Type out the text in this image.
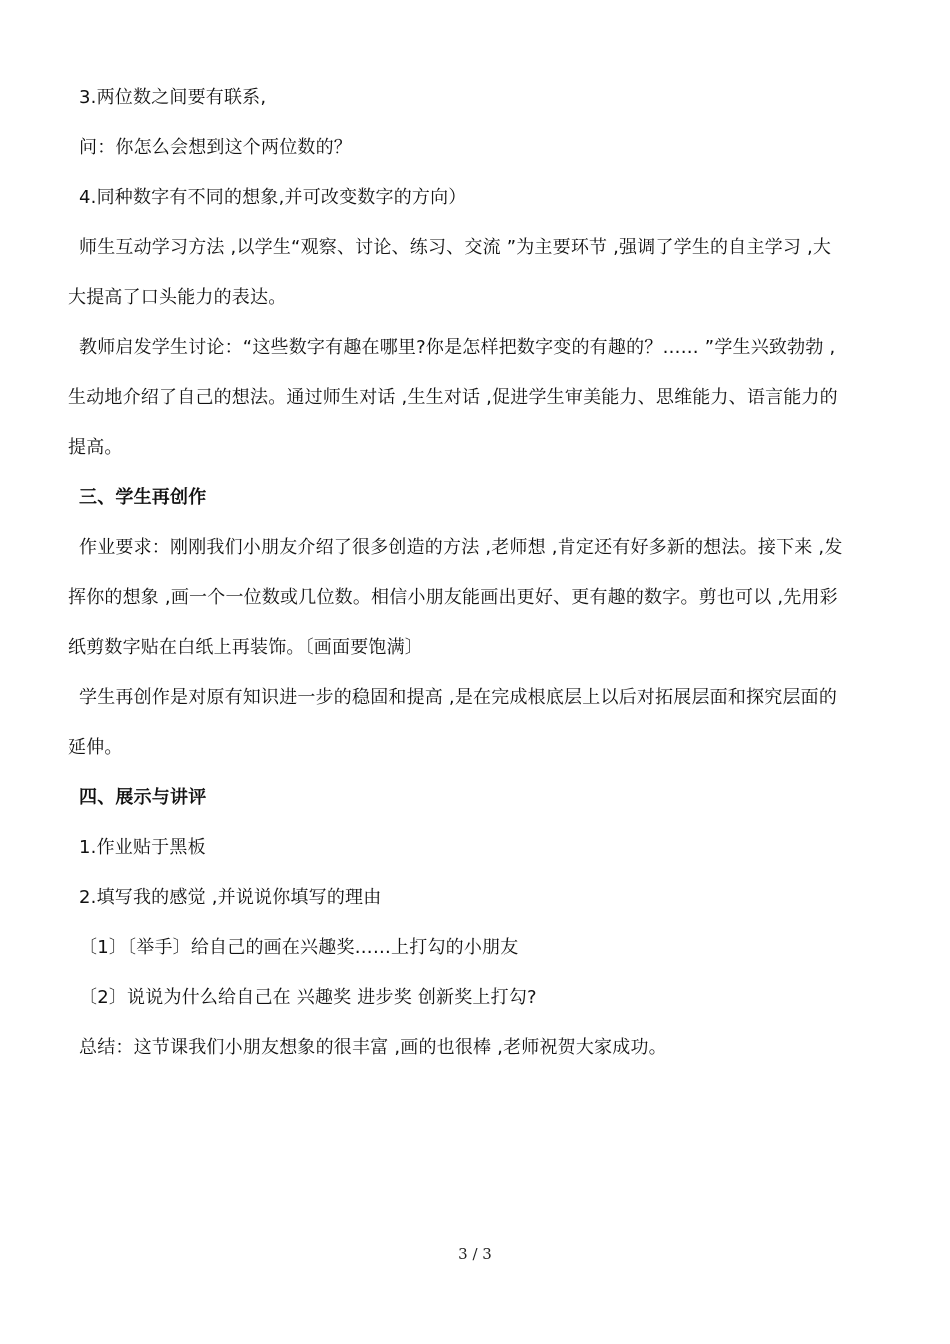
3.两位数之间要有联系,
问：你怎么会想到这个两位数的？
4.同种数字有不同的想象,并可改变数字的方向）
师生互动学习方法 ,以学生“观察、讨论、练习、交流 ”为主要环节 ,强调了学生的自主学习 ,大
大提高了口头能力的表达。
教师启发学生讨论：“这些数字有趣在哪里?你是怎样把数字变的有趣的？…… ”学生兴致勃勃 ,
生动地介绍了自己的想法。通过师生对话 ,生生对话 ,促进学生审美能力、思维能力、语言能力的
提高。
三、学生再创作
作业要求：刚刚我们小朋友介绍了很多创造的方法 ,老师想 ,肯定还有好多新的想法。接下来 ,发
挥你的想象 ,画一个一位数或几位数。相信小朋友能画出更好、更有趣的数字。剪也可以 ,先用彩
纸剪数字贴在白纸上再装饰。〔画面要饱满〕
学生再创作是对原有知识进一步的稳固和提高 ,是在完成根底层上以后对拓展层面和探究层面的
延伸。
四、展示与讲评
1.作业贴于黑板
2.填写我的感觉 ,并说说你填写的理由
〔1〕〔举手〕给自己的画在兴趣奖……上打勾的小朋友
〔2〕说说为什么给自己在 兴趣奖 进步奖 创新奖上打勾?
总结：这节课我们小朋友想象的很丰富 ,画的也很棒 ,老师祝贺大家成功。
3 / 3
